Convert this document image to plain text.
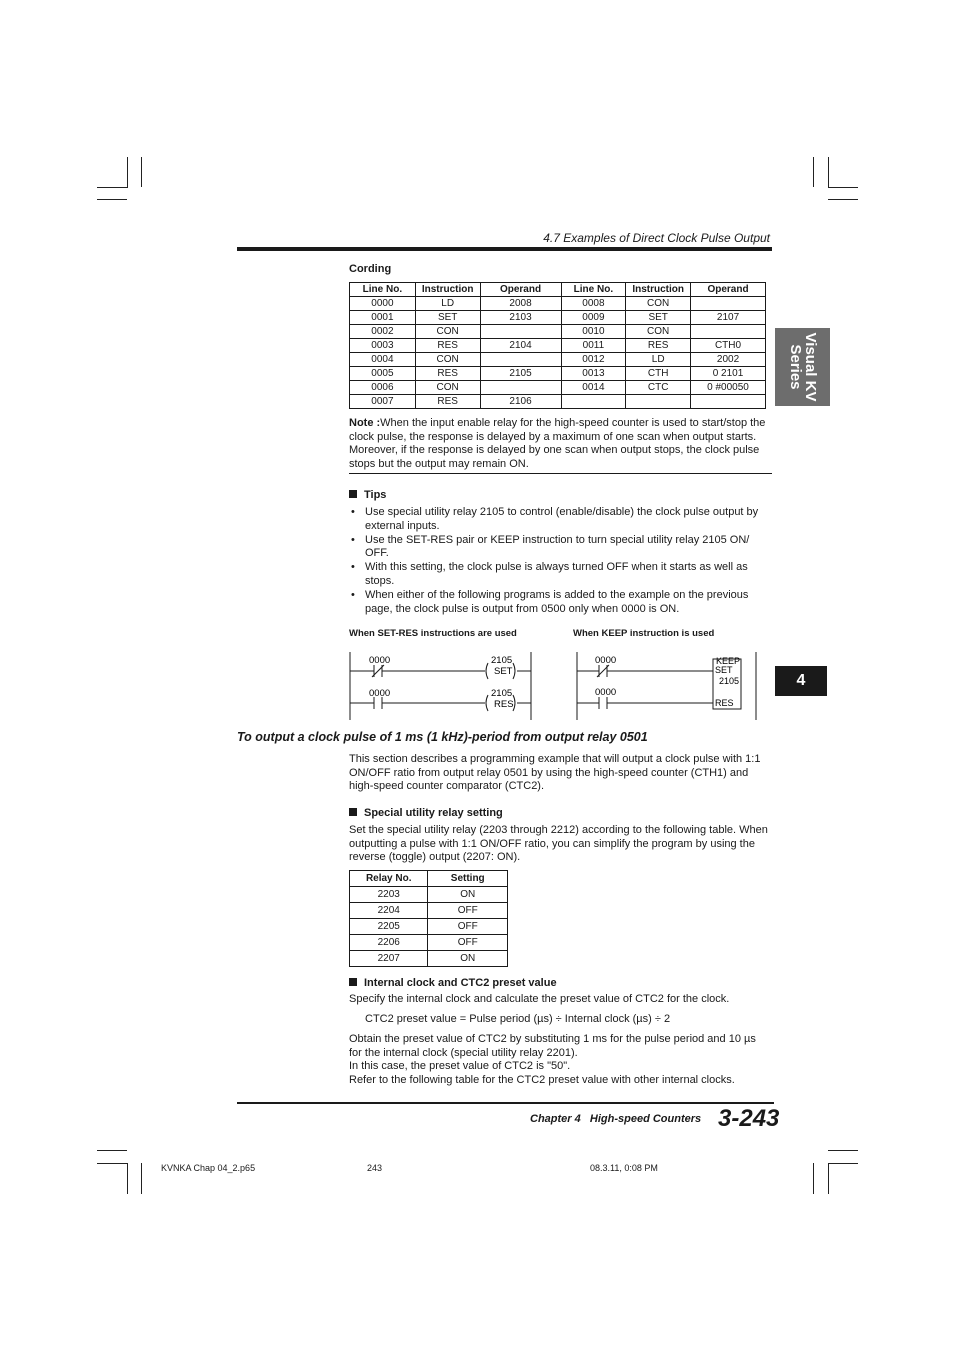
4.7 Examples of Direct Clock Pulse Output
Visual KV
Series
4
Cording
Line No.	Instruction	Operand	Line No.	Instruction	Operand
0000	LD	2008	0008	CON	
0001	SET	2103	0009	SET	2107
0002	CON		0010	CON	
0003	RES	2104	0011	RES	CTH0
0004	CON		0012	LD	2002
0005	RES	2105	0013	CTH	0 2101
0006	CON		0014	CTC	0 #00050
0007	RES	2106			
Note :When the input enable relay for the high-speed counter is used to start/stop the clock pulse, the response is delayed by a maximum of one scan when output starts. Moreover, if the response is delayed by one scan when output stops, the clock pulse stops but the output may remain ON.
Tips
• Use special utility relay 2105 to control (enable/disable) the clock pulse output by external inputs.
• Use the SET-RES pair or KEEP instruction to turn special utility relay 2105 ON/ OFF.
• With this setting, the clock pulse is always turned OFF when it starts as well as stops.
• When either of the following programs is added to the example on the previous page, the clock pulse is output from 0500 only when 0000 is ON.
When SET-RES instructions are used	When KEEP instruction is used
0000	2105
SET
0000	2105
RES
0000	KEEP
SET
2105
0000
RES
To output a clock pulse of 1 ms (1 kHz)-period from output relay 0501
This section describes a programming example that will output a clock pulse with 1:1 ON/OFF ratio from output relay 0501 by using the high-speed counter (CTH1) and high-speed counter comparator (CTC2).
Special utility relay setting
Set the special utility relay (2203 through 2212) according to the following table. When outputting a pulse with 1:1 ON/OFF ratio, you can simplify the program by using the reverse (toggle) output (2207: ON).
Relay No.	Setting
2203	ON
2204	OFF
2205	OFF
2206	OFF
2207	ON
Internal clock and CTC2 preset value
Specify the internal clock and calculate the preset value of CTC2 for the clock.
CTC2 preset value = Pulse period (µs) ÷ Internal clock (µs) ÷ 2
Obtain the preset value of CTC2 by substituting 1 ms for the pulse period and 10 µs for the internal clock (special utility relay 2201).
In this case, the preset value of CTC2 is "50".
Refer to the following table for the CTC2 preset value with other internal clocks.
Chapter 4   High-speed Counters 3-243
KVNKA Chap 04_2.p65	243	08.3.11, 0:08 PM
